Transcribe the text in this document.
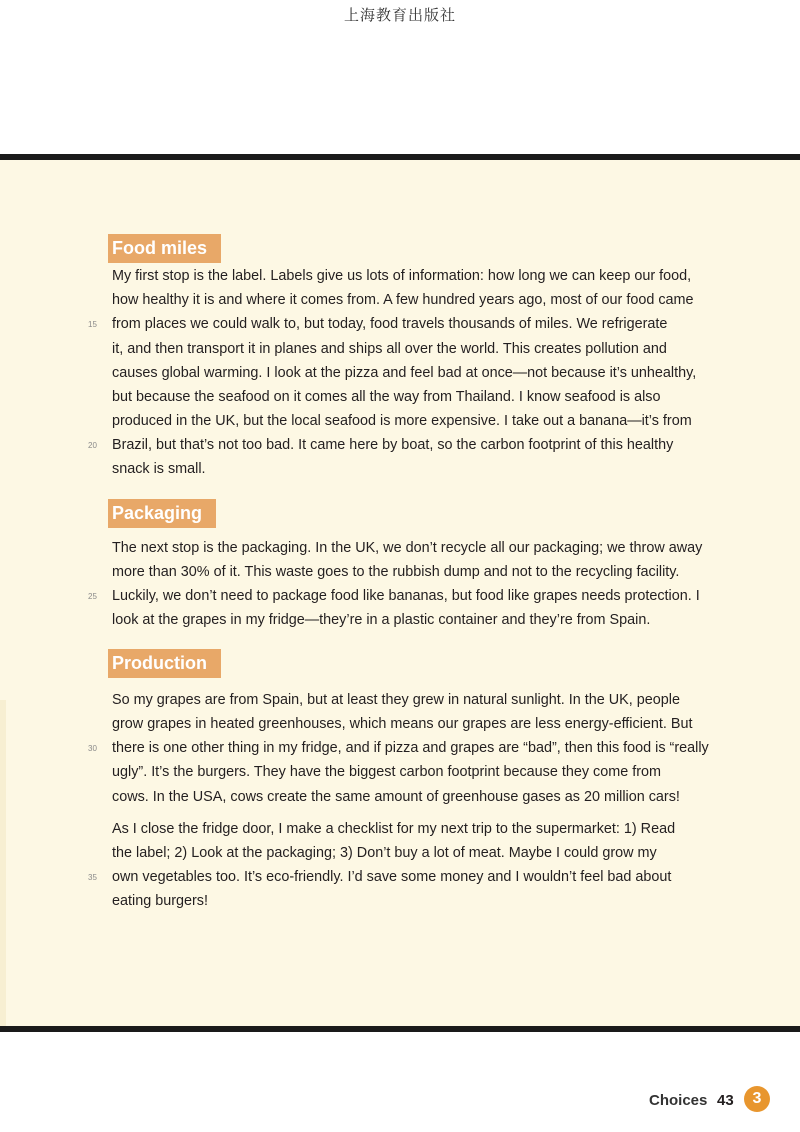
上海教育出版社
Food miles
My first stop is the label. Labels give us lots of information: how long we can keep our food,
how healthy it is and where it comes from. A few hundred years ago, most of our food came
15	from places we could walk to, but today, food travels thousands of miles. We refrigerate
it, and then transport it in planes and ships all over the world. This creates pollution and
causes global warming. I look at the pizza and feel bad at once—not because it’s unhealthy,
but because the seafood on it comes all the way from Thailand. I know seafood is also
produced in the UK, but the local seafood is more expensive. I take out a banana—it’s from
20	Brazil, but that’s not too bad. It came here by boat, so the carbon footprint of this healthy
snack is small.
Packaging
The next stop is the packaging. In the UK, we don’t recycle all our packaging; we throw away
more than 30% of it. This waste goes to the rubbish dump and not to the recycling facility.
25	Luckily, we don’t need to package food like bananas, but food like grapes needs protection. I
look at the grapes in my fridge—they’re in a plastic container and they’re from Spain.
Production
So my grapes are from Spain, but at least they grew in natural sunlight. In the UK, people
grow grapes in heated greenhouses, which means our grapes are less energy-efficient. But
30	there is one other thing in my fridge, and if pizza and grapes are “bad”, then this food is “really
ugly”. It’s the burgers. They have the biggest carbon footprint because they come from
cows. In the USA, cows create the same amount of greenhouse gases as 20 million cars!
As I close the fridge door, I make a checklist for my next trip to the supermarket: 1) Read
the label; 2) Look at the packaging; 3) Don’t buy a lot of meat. Maybe I could grow my
35	own vegetables too. It’s eco-friendly. I’d save some money and I wouldn’t feel bad about
eating burgers!
Choices 43	3
